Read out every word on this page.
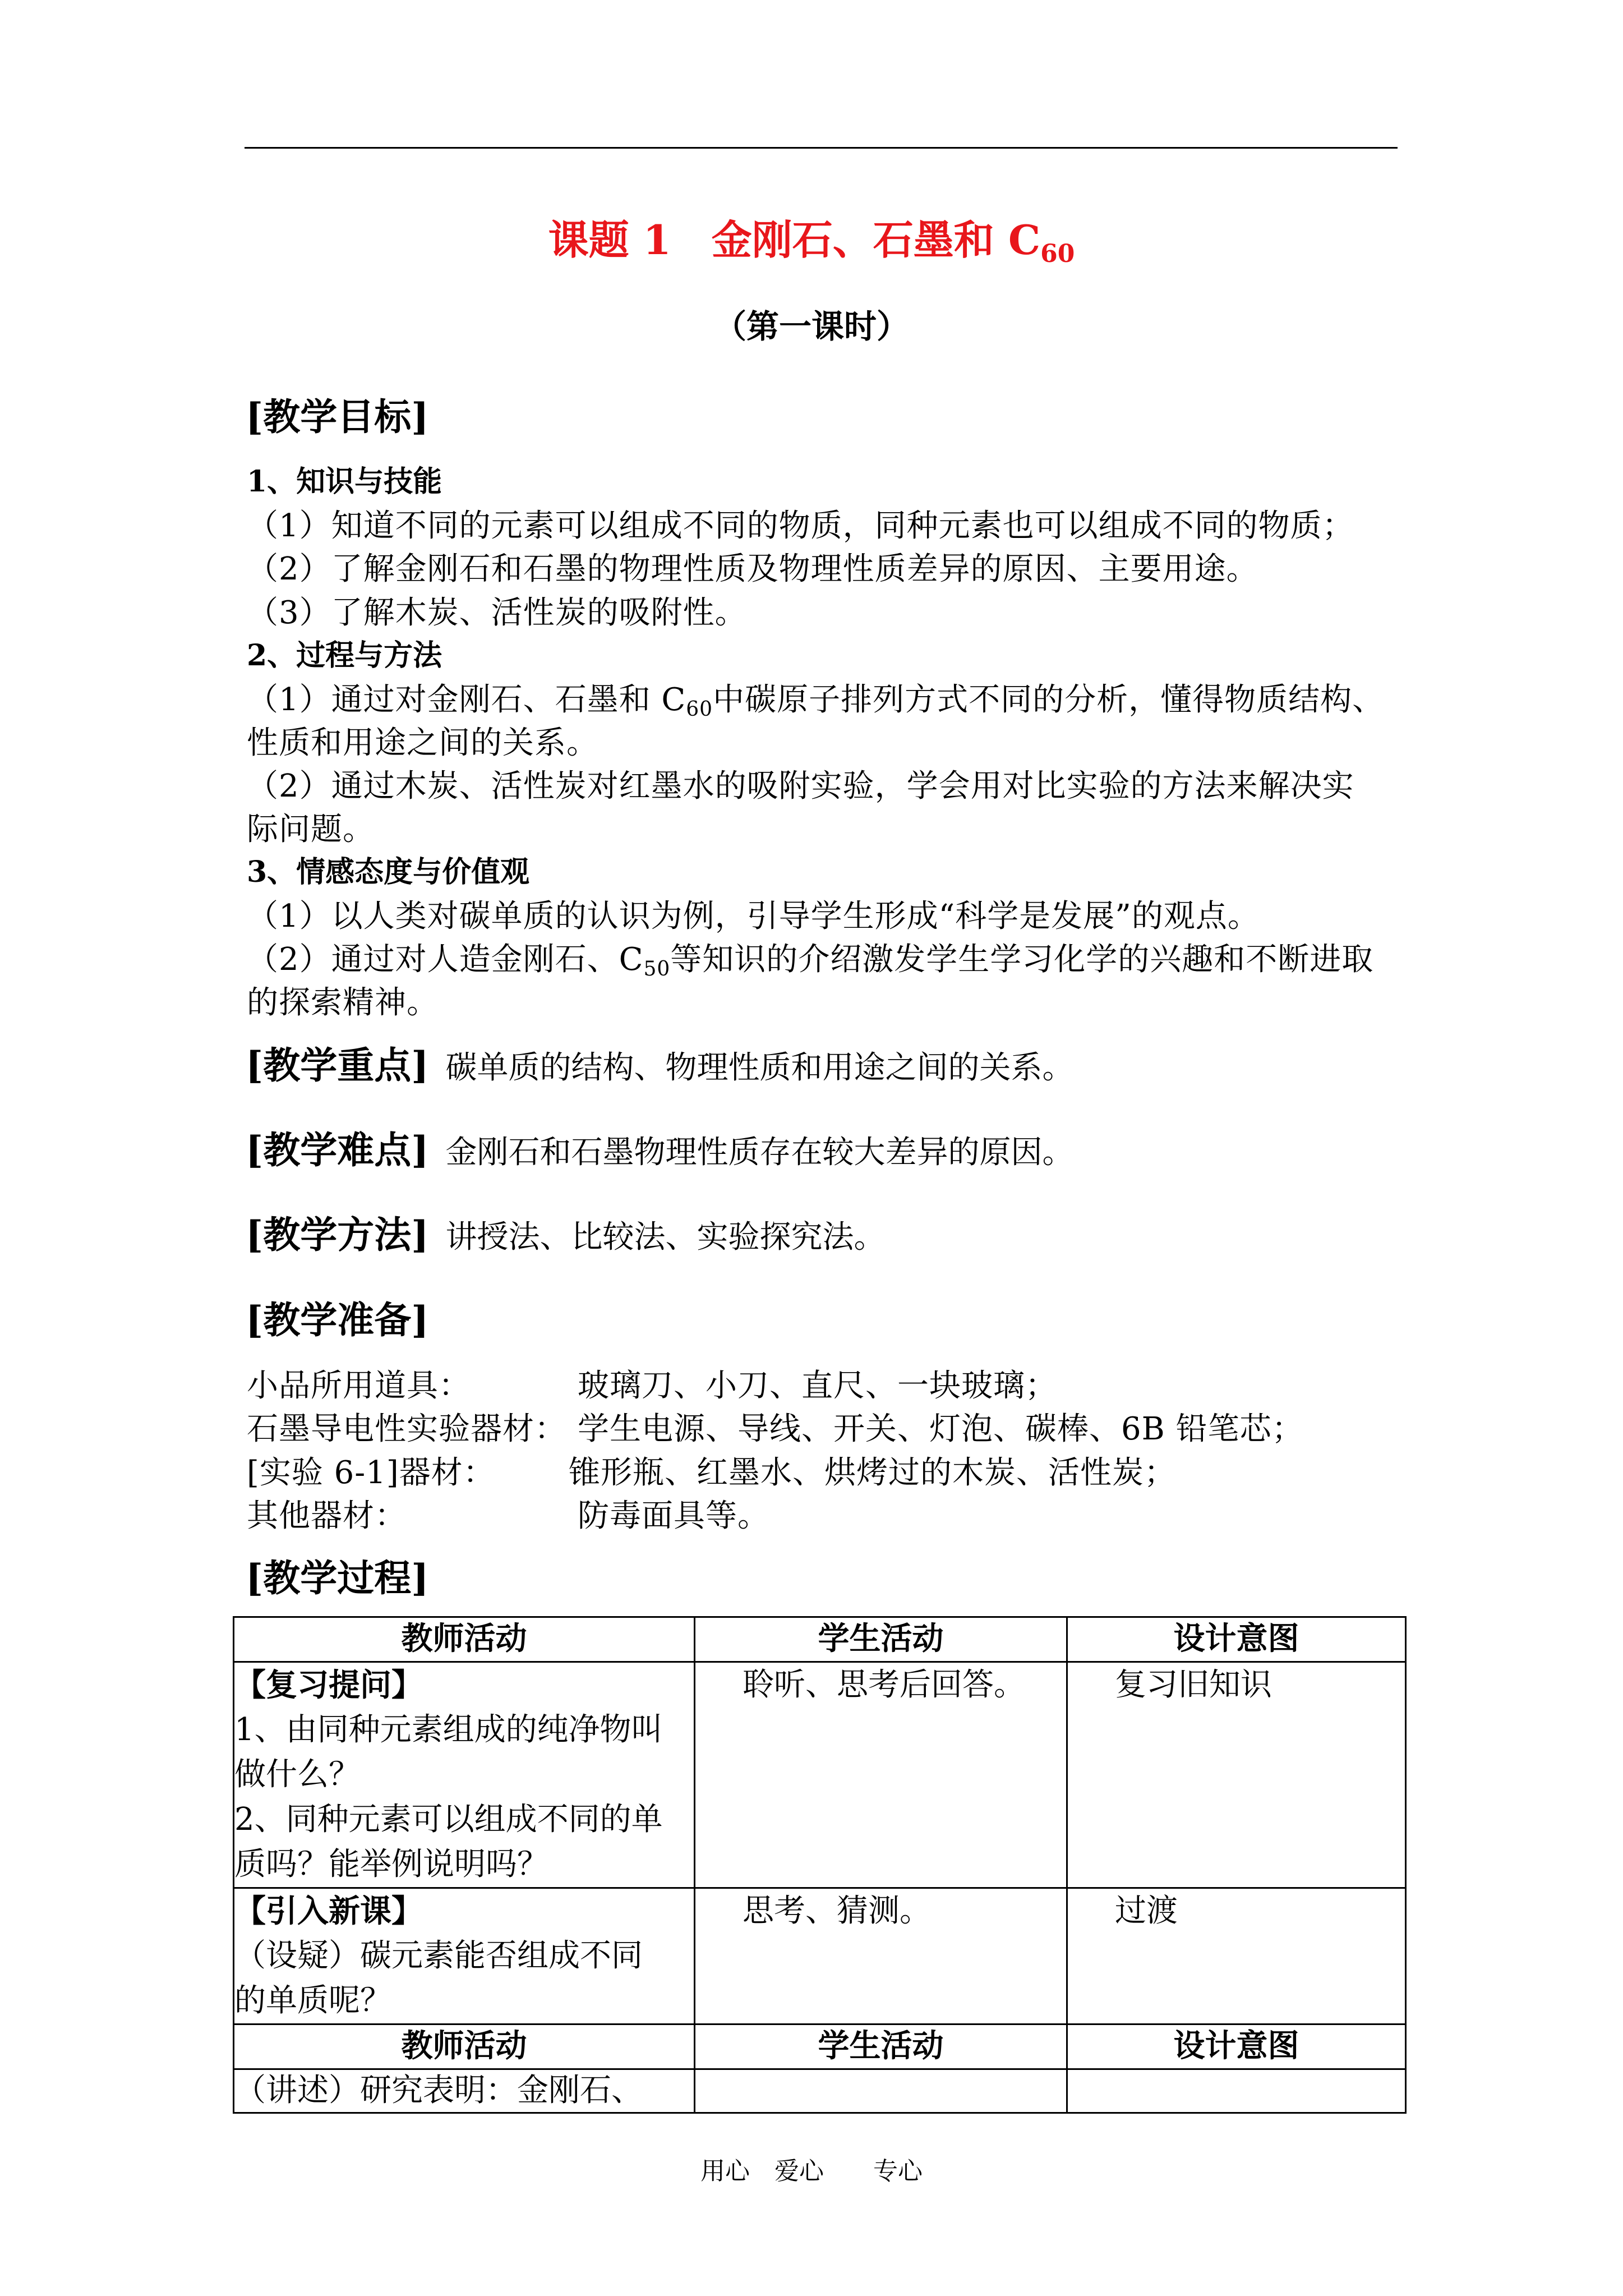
课题 1　金刚石、石墨和 $C_{60}$
（第一课时）
[教学目标]
1、知识与技能
（1）知道不同的元素可以组成不同的物质，同种元素也可以组成不同的物质；
（2）了解金刚石和石墨的物理性质及物理性质差异的原因、主要用途。
（3）了解木炭、活性炭的吸附性。
2、过程与方法
（1）通过对金刚石、石墨和 $C_{60}$中碳原子排列方式不同的分析，懂得物质结构、
性质和用途之间的关系。
（2）通过木炭、活性炭对红墨水的吸附实验，学会用对比实验的方法来解决实
际问题。
3、情感态度与价值观
（1）以人类对碳单质的认识为例，引导学生形成“科学是发展”的观点。
（2）通过对人造金刚石、$C_{50}$等知识的介绍激发学生学习化学的兴趣和不断进取
的探索精神。
[教学重点] 碳单质的结构、物理性质和用途之间的关系。
[教学难点] 金刚石和石墨物理性质存在较大差异的原因。
[教学方法] 讲授法、比较法、实验探究法。
[教学准备]
小品所用道具：	玻璃刀、小刀、直尺、一块玻璃；
石墨导电性实验器材： 学生电源、导线、开关、灯泡、碳棒、6B 铅笔芯；
[实验 6-1]器材： 锥形瓶、红墨水、烘烤过的木炭、活性炭；
其他器材：	防毒面具等。
[教学过程]
教师活动	学生活动	设计意图

【复习提问】
1、由同种元素组成的纯净物叫
做什么？
2、同种元素可以组成不同的单
质吗？能举例说明吗？	聆听、思考后回答。	复习旧知识

【引入新课】
（设疑）碳元素能否组成不同
的单质呢？	思考、猜测。	过渡
教师活动	学生活动	设计意图
（讲述）研究表明：金刚石、		
用心　爱心　 专心
